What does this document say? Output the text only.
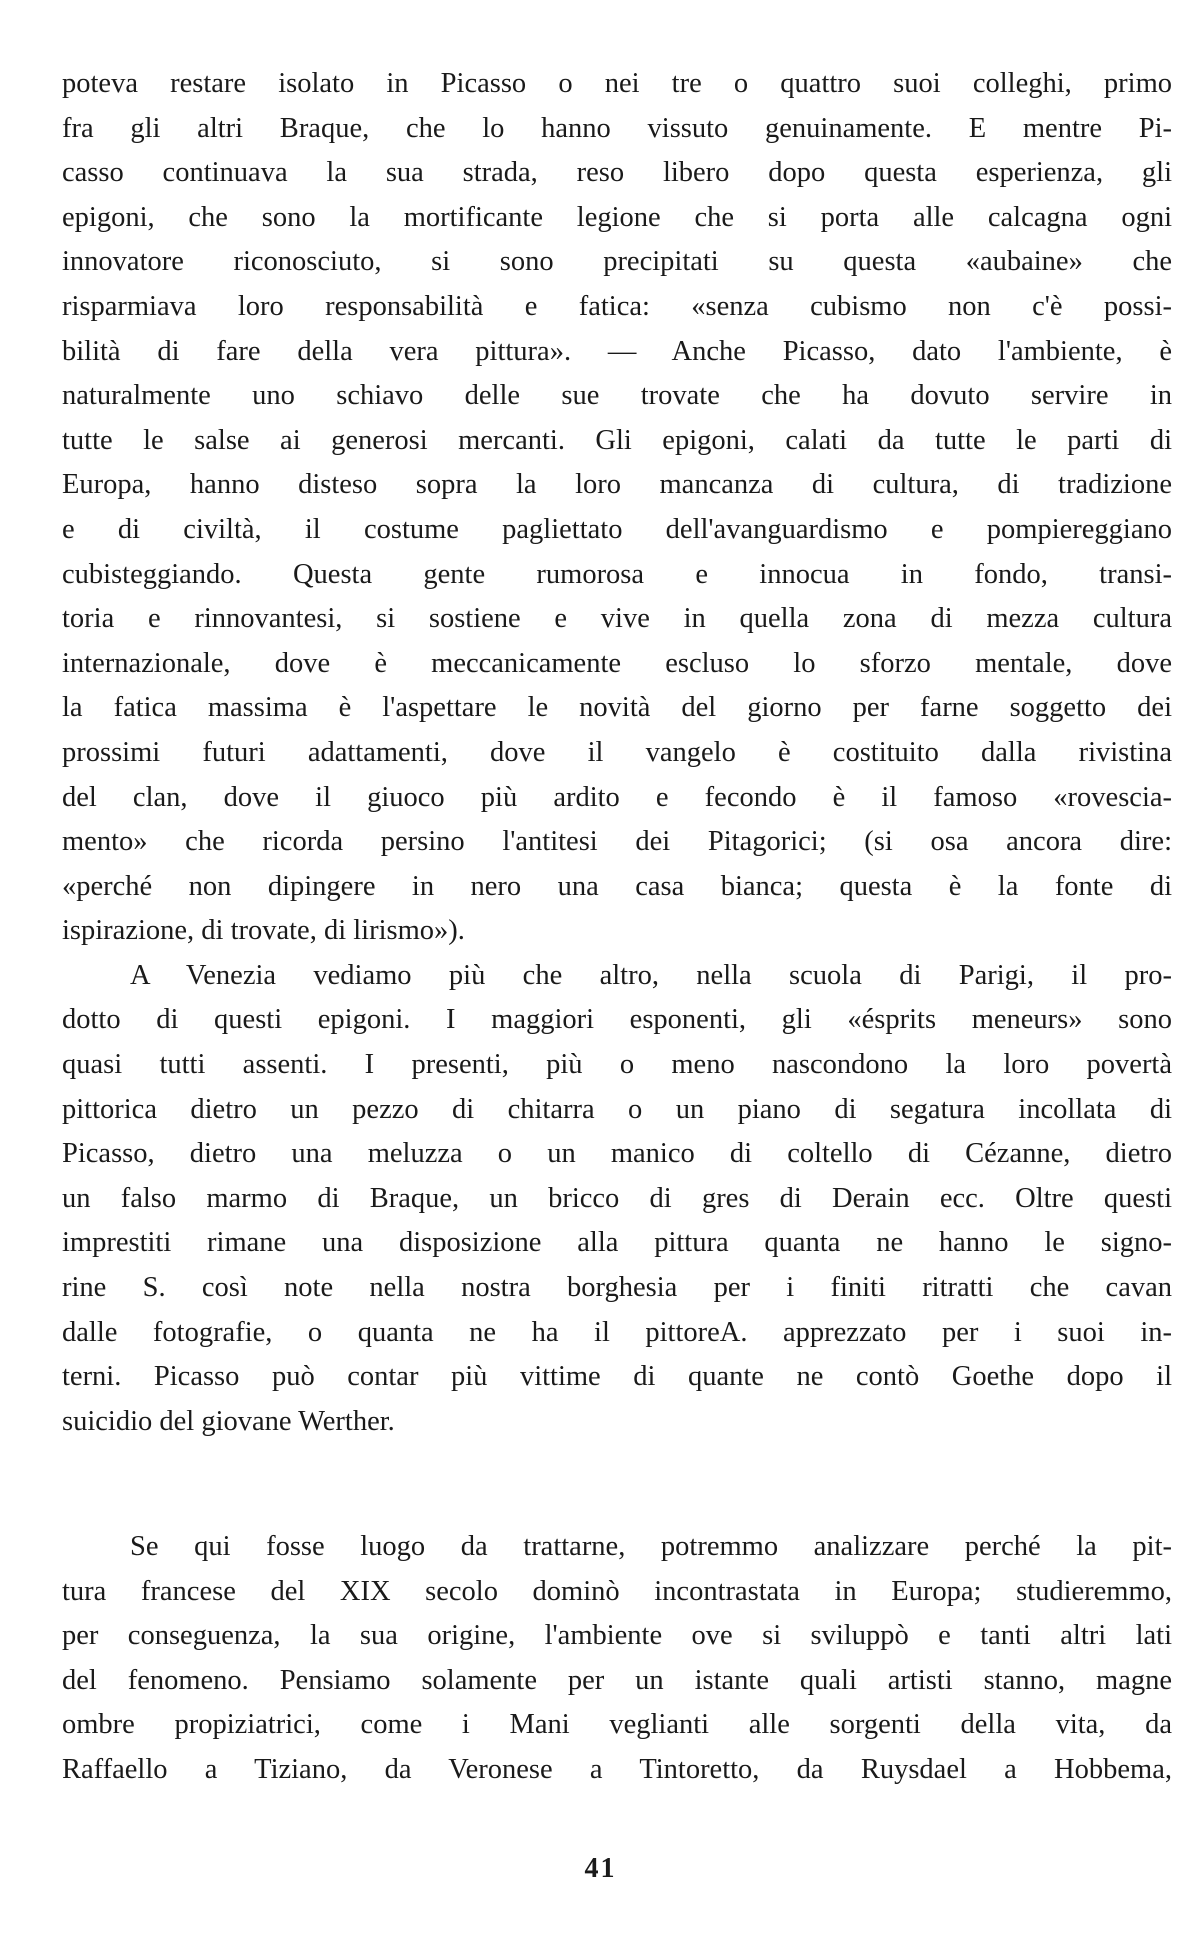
poteva restare isolato in Picasso o nei tre o quattro suoi colleghi, primo
fra gli altri Braque, che lo hanno vissuto genuinamente. E mentre Pi-
casso continuava la sua strada, reso libero dopo questa esperienza, gli
epigoni, che sono la mortificante legione che si porta alle calcagna ogni
innovatore riconosciuto, si sono precipitati su questa «aubaine» che
risparmiava loro responsabilità e fatica: «senza cubismo non c'è possi-
bilità di fare della vera pittura». — Anche Picasso, dato l'ambiente, è
naturalmente uno schiavo delle sue trovate che ha dovuto servire in
tutte le salse ai generosi mercanti. Gli epigoni, calati da tutte le parti di
Europa, hanno disteso sopra la loro mancanza di cultura, di tradizione
e di civiltà, il costume pagliettato dell'avanguardismo e pompiereggiano
cubisteggiando. Questa gente rumorosa e innocua in fondo, transi-
toria e rinnovantesi, si sostiene e vive in quella zona di mezza cultura
internazionale, dove è meccanicamente escluso lo sforzo mentale, dove
la fatica massima è l'aspettare le novità del giorno per farne soggetto dei
prossimi futuri adattamenti, dove il vangelo è costituito dalla rivistina
del clan, dove il giuoco più ardito e fecondo è il famoso «rovescia-
mento» che ricorda persino l'antitesi dei Pitagorici; (si osa ancora dire:
«perché non dipingere in nero una casa bianca; questa è la fonte di
ispirazione, di trovate, di lirismo»).
A Venezia vediamo più che altro, nella scuola di Parigi, il pro-
dotto di questi epigoni. I maggiori esponenti, gli «ésprits meneurs» sono
quasi tutti assenti. I presenti, più o meno nascondono la loro povertà
pittorica dietro un pezzo di chitarra o un piano di segatura incollata di
Picasso, dietro una meluzza o un manico di coltello di Cézanne, dietro
un falso marmo di Braque, un bricco di gres di Derain ecc. Oltre questi
imprestiti rimane una disposizione alla pittura quanta ne hanno le signo-
rine S. così note nella nostra borghesia per i finiti ritratti che cavan
dalle fotografie, o quanta ne ha il pittoreA. apprezzato per i suoi in-
terni. Picasso può contar più vittime di quante ne contò Goethe dopo il
suicidio del giovane Werther.
Se qui fosse luogo da trattarne, potremmo analizzare perché la pit-
tura francese del XIX secolo dominò incontrastata in Europa; studieremmo,
per conseguenza, la sua origine, l'ambiente ove si sviluppò e tanti altri lati
del fenomeno. Pensiamo solamente per un istante quali artisti stanno, magne
ombre propiziatrici, come i Mani veglianti alle sorgenti della vita, da
Raffaello a Tiziano, da Veronese a Tintoretto, da Ruysdael a Hobbema,
41
